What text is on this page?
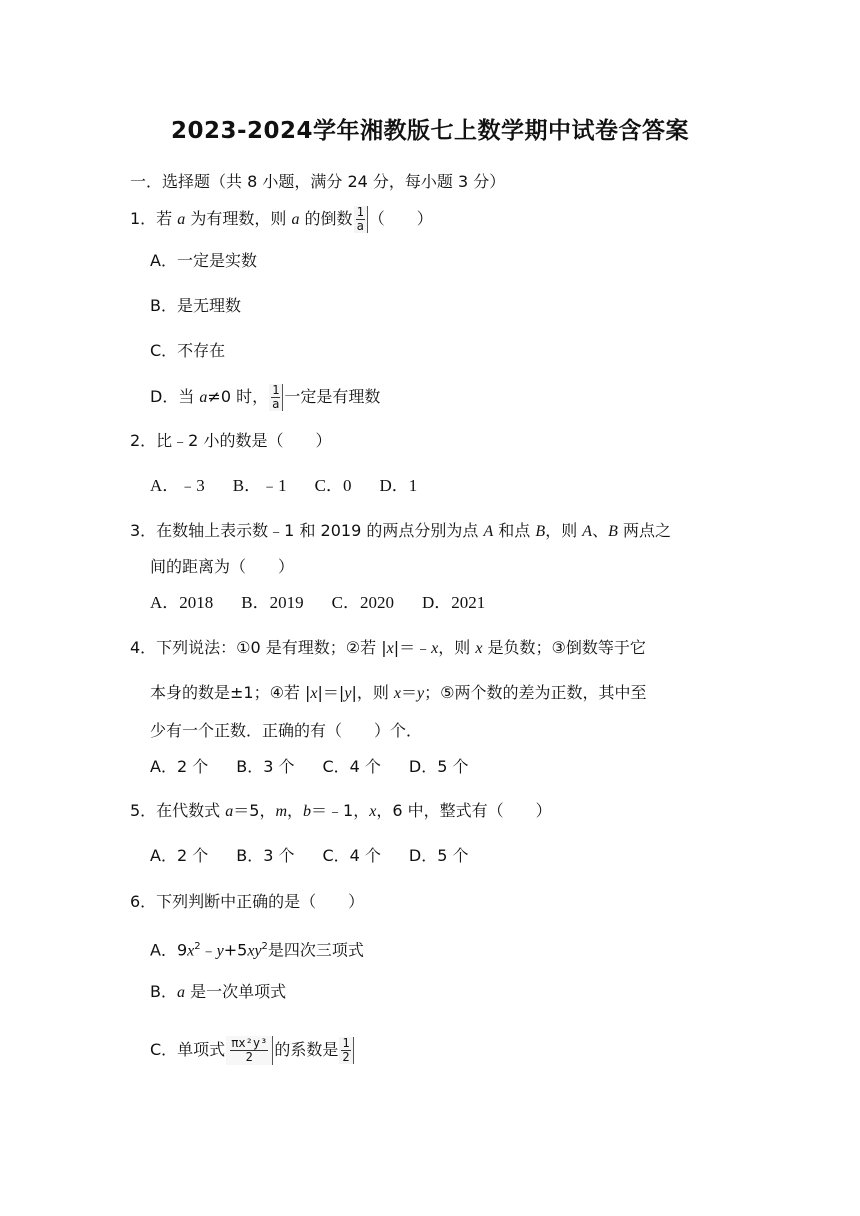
2023-2024学年湘教版七上数学期中试卷含答案
一．选择题（共 8 小题，满分 24 分，每小题 3 分）
1．若 a 为有理数，则 a 的倒数 $\frac{1}{a}$ （　　）
A．一定是实数
B．是无理数
C．不存在
D．当 a≠0 时， $\frac{1}{a}$ 一定是有理数
2．比﹣2 小的数是（　　）
A．﹣3 B．﹣1 C．0 D．1
3．在数轴上表示数﹣1 和 2019 的两点分别为点 A 和点 B，则 A、B 两点之
间的距离为（　　）
A．2018 B．2019 C．2020 D．2021
4．下列说法：①0 是有理数；②若 |x|＝﹣x，则 x 是负数；③倒数等于它
本身的数是±1；④若 |x|＝|y|，则 x＝y；⑤两个数的差为正数，其中至
少有一个正数．正确的有（　　）个．
A．2 个 B．3 个 C．4 个 D．5 个
5．在代数式 a＝5，m，b＝﹣1，x，6 中，整式有（　　）
A．2 个 B．3 个 C．4 个 D．5 个
6．下列判断中正确的是（　　）
A．$9x^2﹣y+5xy^2$是四次三项式
B．a 是一次单项式
C．单项式 $\frac{\text{πx²y³}}{2}$ 的系数是 $\frac{1}{2}$
